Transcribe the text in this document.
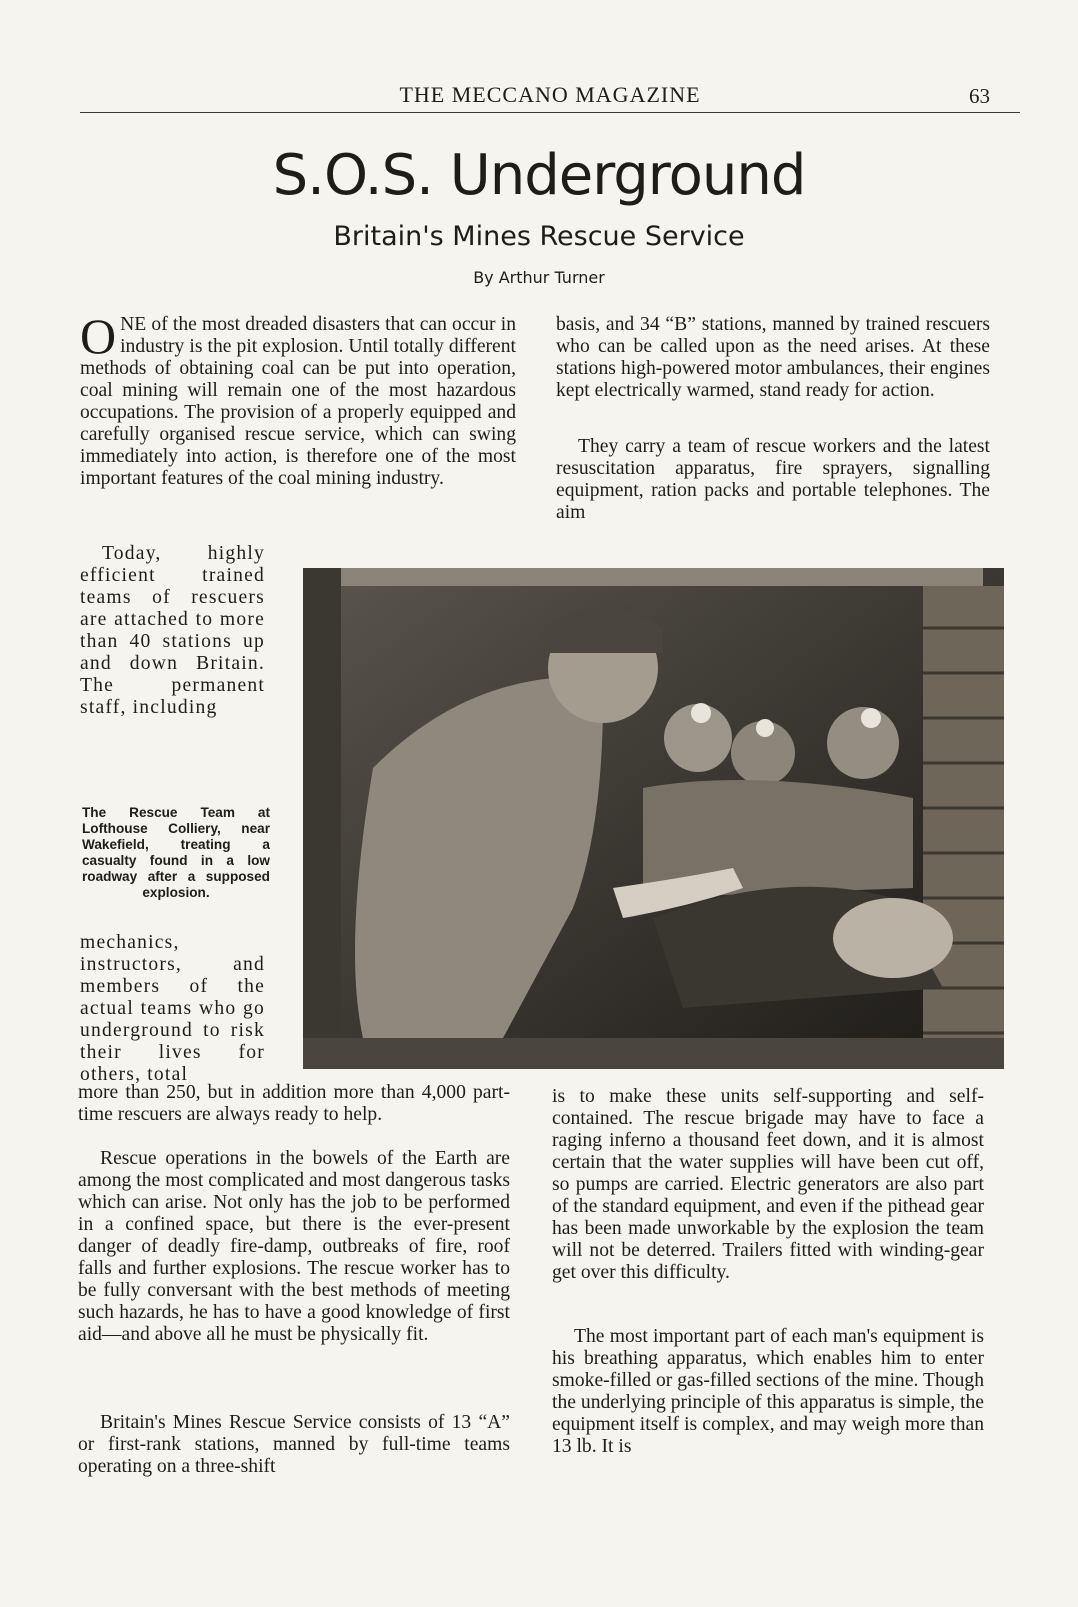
THE MECCANO MAGAZINE	63
S.O.S. Underground
Britain's Mines Rescue Service
By Arthur Turner

ONE of the most dreaded disasters that can occur in industry is the pit explosion. Until totally different methods of obtaining coal can be put into operation, coal mining will remain one of the most hazardous occupations. The provision of a properly equipped and carefully organised rescue service, which can swing immediately into action, is therefore one of the most important features of the coal mining industry.

Today, highly efficient trained teams of rescuers are attached to more than 40 stations up and down Britain. The permanent staff, including

mechanics, instructors, and members of the actual teams who go underground to risk their lives for others, total

The Rescue Team at Lofthouse Colliery, near Wakefield, treating a casualty found in a low roadway after a supposed explosion.

more than 250, but in addition more than 4,000 part-time rescuers are always ready to help.

Rescue operations in the bowels of the Earth are among the most complicated and most dangerous tasks which can arise. Not only has the job to be performed in a confined space, but there is the ever-present danger of deadly fire-damp, outbreaks of fire, roof falls and further explosions. The rescue worker has to be fully conversant with the best methods of meeting such hazards, he has to have a good knowledge of first aid—and above all he must be physically fit.

Britain's Mines Rescue Service consists of 13 “A” or first-rank stations, manned by full-time teams operating on a three-shift

basis, and 34 “B” stations, manned by trained rescuers who can be called upon as the need arises. At these stations high-powered motor ambulances, their engines kept electrically warmed, stand ready for action.

They carry a team of rescue workers and the latest resuscitation apparatus, fire sprayers, signalling equipment, ration packs and portable telephones. The aim

is to make these units self-supporting and self-contained. The rescue brigade may have to face a raging inferno a thousand feet down, and it is almost certain that the water supplies will have been cut off, so pumps are carried. Electric generators are also part of the standard equipment, and even if the pithead gear has been made unworkable by the explosion the team will not be deterred. Trailers fitted with winding-gear get over this difficulty.

The most important part of each man's equipment is his breathing apparatus, which enables him to enter smoke-filled or gas-filled sections of the mine. Though the underlying principle of this apparatus is simple, the equipment itself is complex, and may weigh more than 13 lb. It is
